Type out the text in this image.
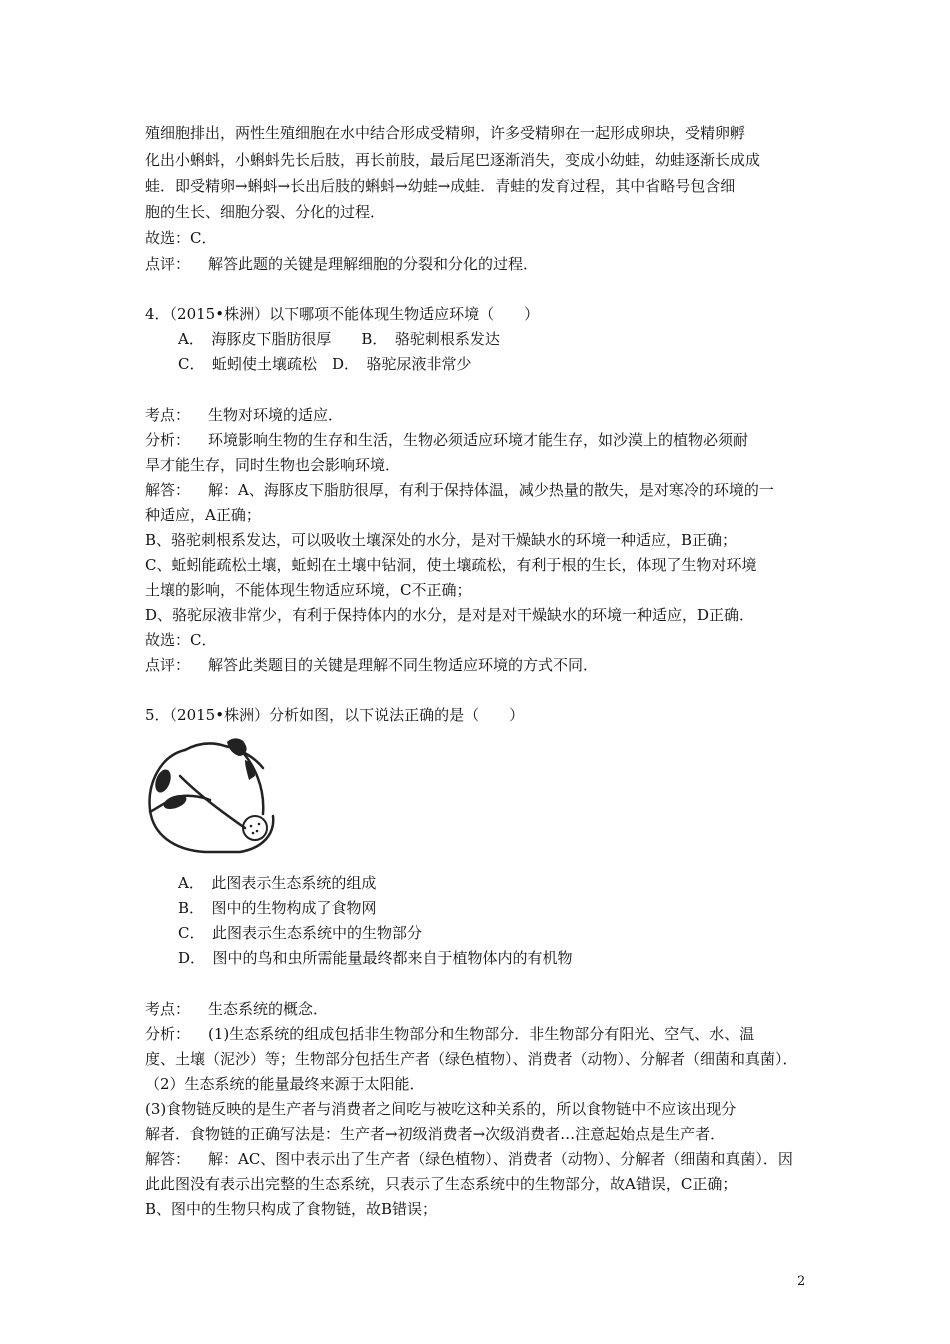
殖细胞排出，两性生殖细胞在水中结合形成受精卵，许多受精卵在一起形成卵块，受精卵孵
化出小蝌蚪，小蝌蚪先长后肢，再长前肢，最后尾巴逐渐消失，变成小幼蛙，幼蛙逐渐长成成
蛙．即受精卵→蝌蚪→长出后肢的蝌蚪→幼蛙→成蛙．青蛙的发育过程，其中省略号包含细
胞的生长、细胞分裂、分化的过程．
故选：C．
点评： 解答此题的关键是理解细胞的分裂和分化的过程．
4．（2015•株洲）以下哪项不能体现生物适应环境（　　）
A．　海豚皮下脂肪很厚　　B．　骆驼刺根系发达
C．　蚯蚓使土壤疏松　D．　骆驼尿液非常少
考点： 生物对环境的适应．
分析： 环境影响生物的生存和生活，生物必须适应环境才能生存，如沙漠上的植物必须耐
旱才能生存，同时生物也会影响环境．
解答： 解：A、海豚皮下脂肪很厚，有利于保持体温，减少热量的散失，是对寒冷的环境的一
种适应，A正确；
B、骆驼刺根系发达，可以吸收土壤深处的水分，是对干燥缺水的环境一种适应，B正确；
C、蚯蚓能疏松土壤，蚯蚓在土壤中钻洞，使土壤疏松，有利于根的生长，体现了生物对环境
土壤的影响，不能体现生物适应环境，C不正确；
D、骆驼尿液非常少，有利于保持体内的水分，是对是对干燥缺水的环境一种适应，D正确．
故选：C．
点评： 解答此类题目的关键是理解不同生物适应环境的方式不同．
5．（2015•株洲）分析如图，以下说法正确的是（　　）
A．　此图表示生态系统的组成
B．　图中的生物构成了食物网
C．　此图表示生态系统中的生物部分
D．　图中的鸟和虫所需能量最终都来自于植物体内的有机物
考点： 生态系统的概念．
分析： (1)生态系统的组成包括非生物部分和生物部分．非生物部分有阳光、空气、水、温
度、土壤（泥沙）等；生物部分包括生产者（绿色植物）、消费者（动物）、分解者（细菌和真菌）．
（2）生态系统的能量最终来源于太阳能．
(3)食物链反映的是生产者与消费者之间吃与被吃这种关系的，所以食物链中不应该出现分
解者．食物链的正确写法是：生产者→初级消费者→次级消费者…注意起始点是生产者．
解答： 解：AC、图中表示出了生产者（绿色植物）、消费者（动物）、分解者（细菌和真菌）．因
此此图没有表示出完整的生态系统，只表示了生态系统中的生物部分，故A错误，C正确；
B、图中的生物只构成了食物链，故B错误；
2
